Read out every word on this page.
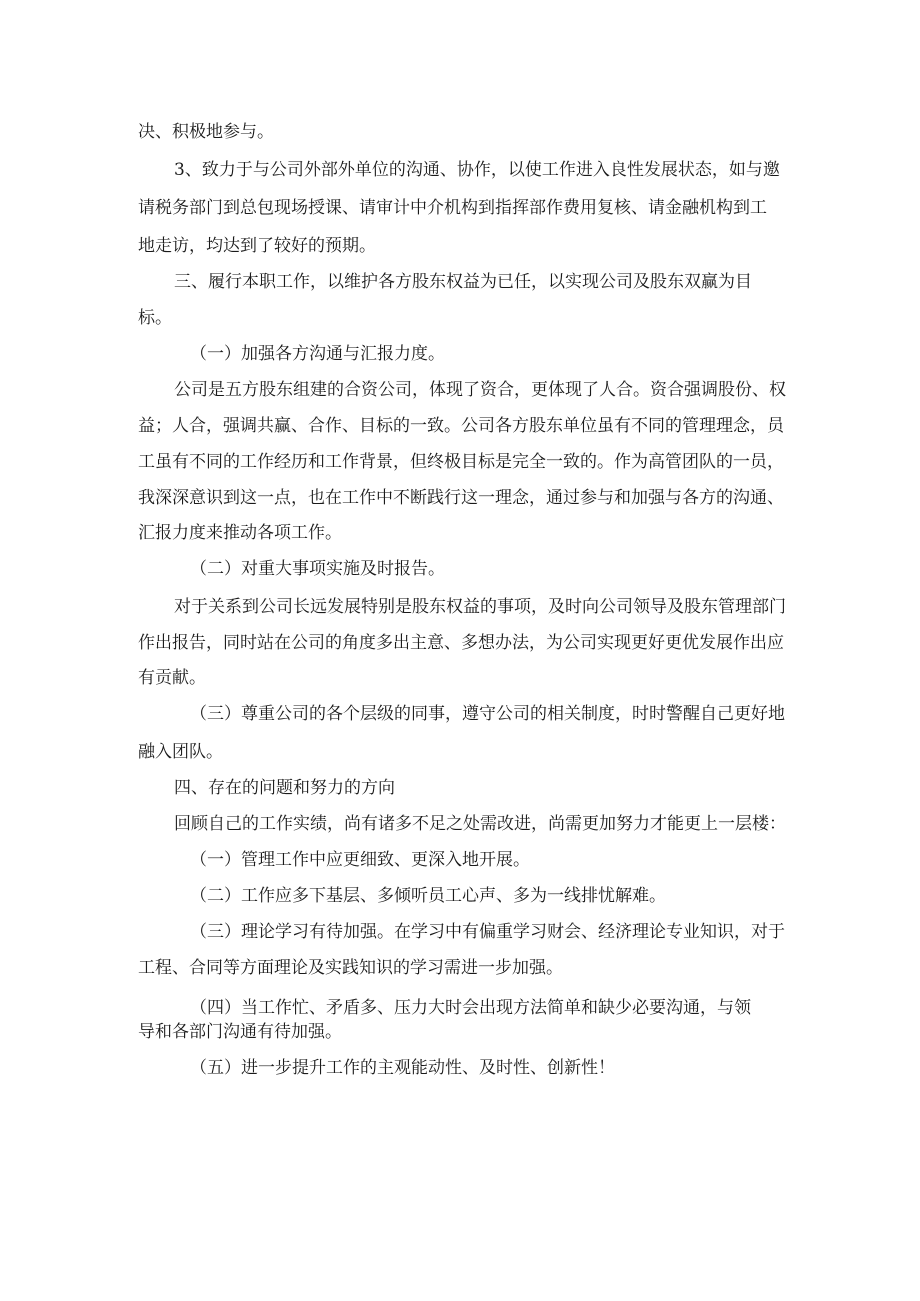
决、积极地参与。
3、致力于与公司外部外单位的沟通、协作，以使工作进入良性发展状态，如与邀
请税务部门到总包现场授课、请审计中介机构到指挥部作费用复核、请金融机构到工
地走访，均达到了较好的预期。
三、履行本职工作，以维护各方股东权益为已任，以实现公司及股东双赢为目
标。
（一）加强各方沟通与汇报力度。
公司是五方股东组建的合资公司，体现了资合，更体现了人合。资合强调股份、权
益；人合，强调共赢、合作、目标的一致。公司各方股东单位虽有不同的管理理念，员
工虽有不同的工作经历和工作背景，但终极目标是完全一致的。作为高管团队的一员，
我深深意识到这一点，也在工作中不断践行这一理念，通过参与和加强与各方的沟通、
汇报力度来推动各项工作。
（二）对重大事项实施及时报告。
对于关系到公司长远发展特别是股东权益的事项，及时向公司领导及股东管理部门
作出报告，同时站在公司的角度多出主意、多想办法，为公司实现更好更优发展作出应
有贡献。
（三）尊重公司的各个层级的同事，遵守公司的相关制度，时时警醒自己更好地
融入团队。
四、存在的问题和努力的方向
回顾自己的工作实绩，尚有诸多不足之处需改进，尚需更加努力才能更上一层楼：
（一）管理工作中应更细致、更深入地开展。
（二）工作应多下基层、多倾听员工心声、多为一线排忧解难。
（三）理论学习有待加强。在学习中有偏重学习财会、经济理论专业知识，对于
工程、合同等方面理论及实践知识的学习需进一步加强。
（四）当工作忙、矛盾多、压力大时会出现方法简单和缺少必要沟通，与领
导和各部门沟通有待加强。
（五）进一步提升工作的主观能动性、及时性、创新性！
